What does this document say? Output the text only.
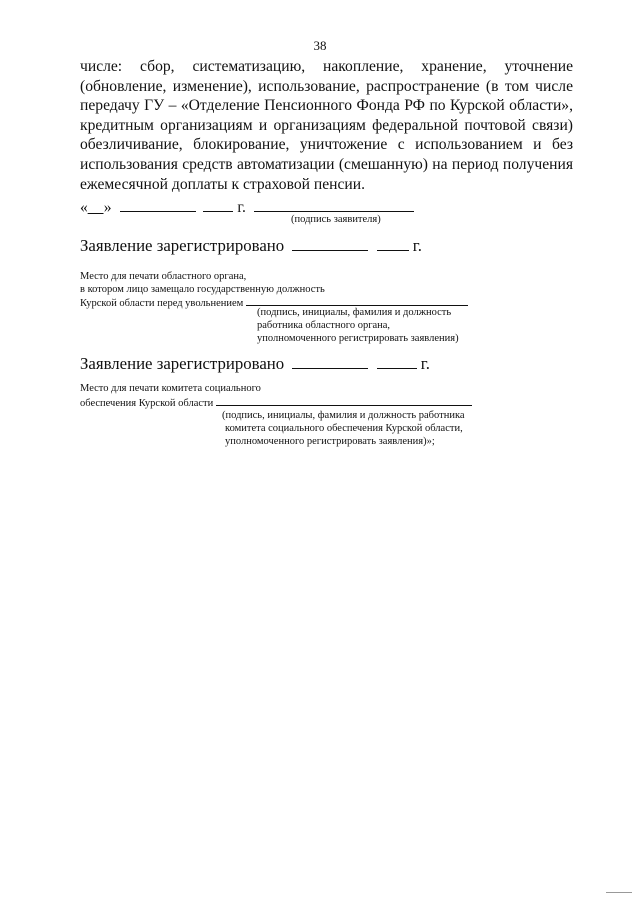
38
числе: сбор, систематизацию, накопление, хранение, уточнение
(обновление, изменение), использование, распространение (в том числе
передачу ГУ – «Отделение Пенсионного Фонда РФ по Курской области»,
кредитным организациям и организациям федеральной почтовой связи)
обезличивание, блокирование, уничтожение с использованием и без
использования средств автоматизации (смешанную) на период получения
ежемесячной доплаты к страховой пенсии.
«__»	г.
(подпись заявителя)
Заявление зарегистрировано	г.
Место для печати областного органа,
в котором лицо замещало государственную должность
Курской области перед увольнением
(подпись, инициалы, фамилия и должность
работника областного органа,
уполномоченного регистрировать заявления)
Заявление зарегистрировано	г.
Место для печати комитета социального
обеспечения Курской области
(подпись, инициалы, фамилия и должность работника
комитета социального обеспечения Курской области,
уполномоченного регистрировать заявления)»;
